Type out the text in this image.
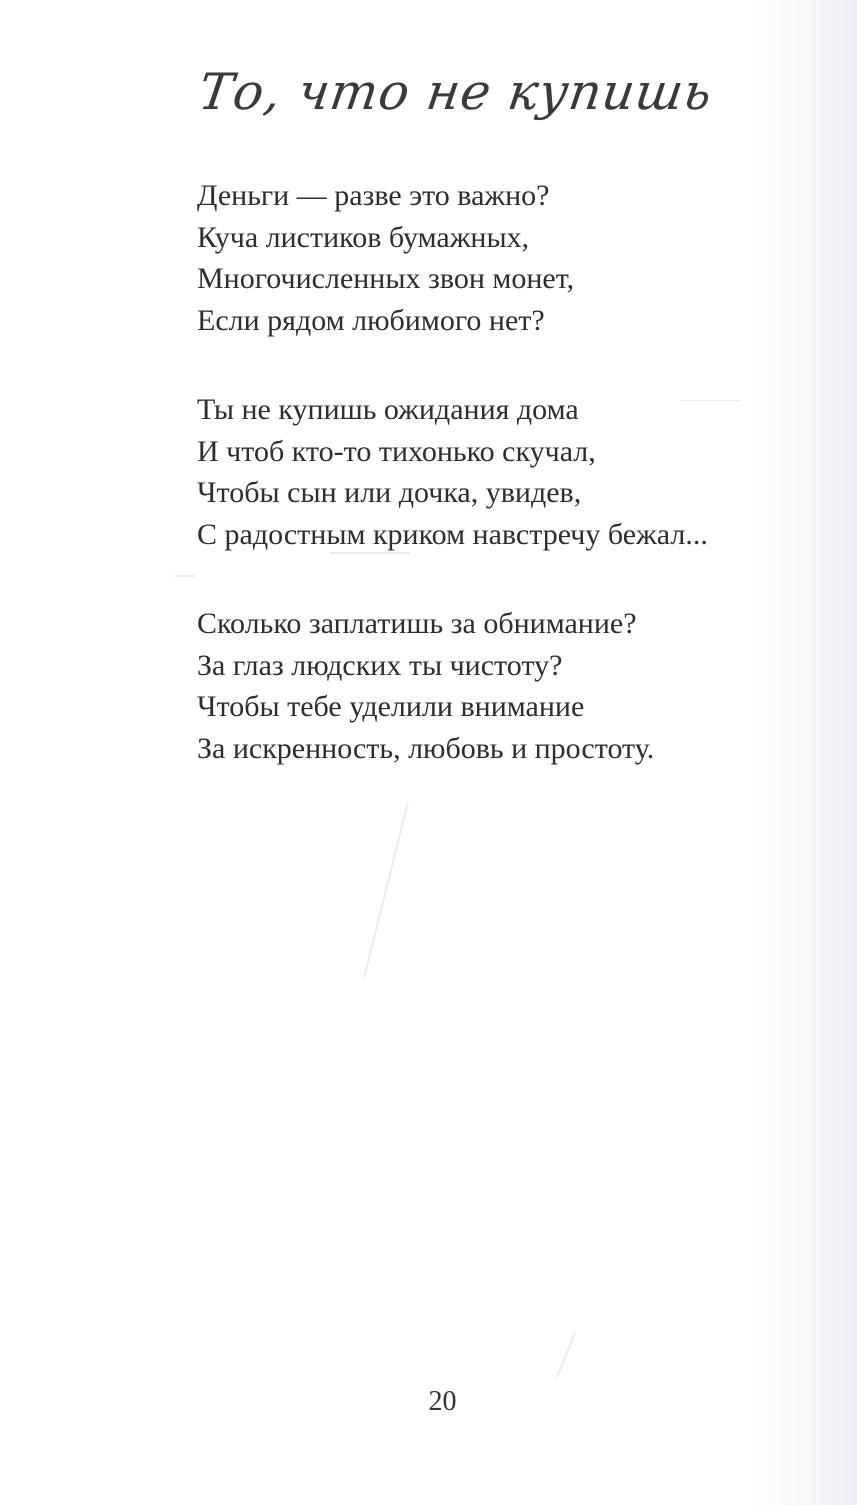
То, что не купишь
Деньги — разве это важно?
Куча листиков бумажных,
Многочисленных звон монет,
Если рядом любимого нет?
Ты не купишь ожидания дома
И чтоб кто-то тихонько скучал,
Чтобы сын или дочка, увидев,
С радостным криком навстречу бежал...
Сколько заплатишь за обнимание?
За глаз людских ты чистоту?
Чтобы тебе уделили внимание
За искренность, любовь и простоту.
20
